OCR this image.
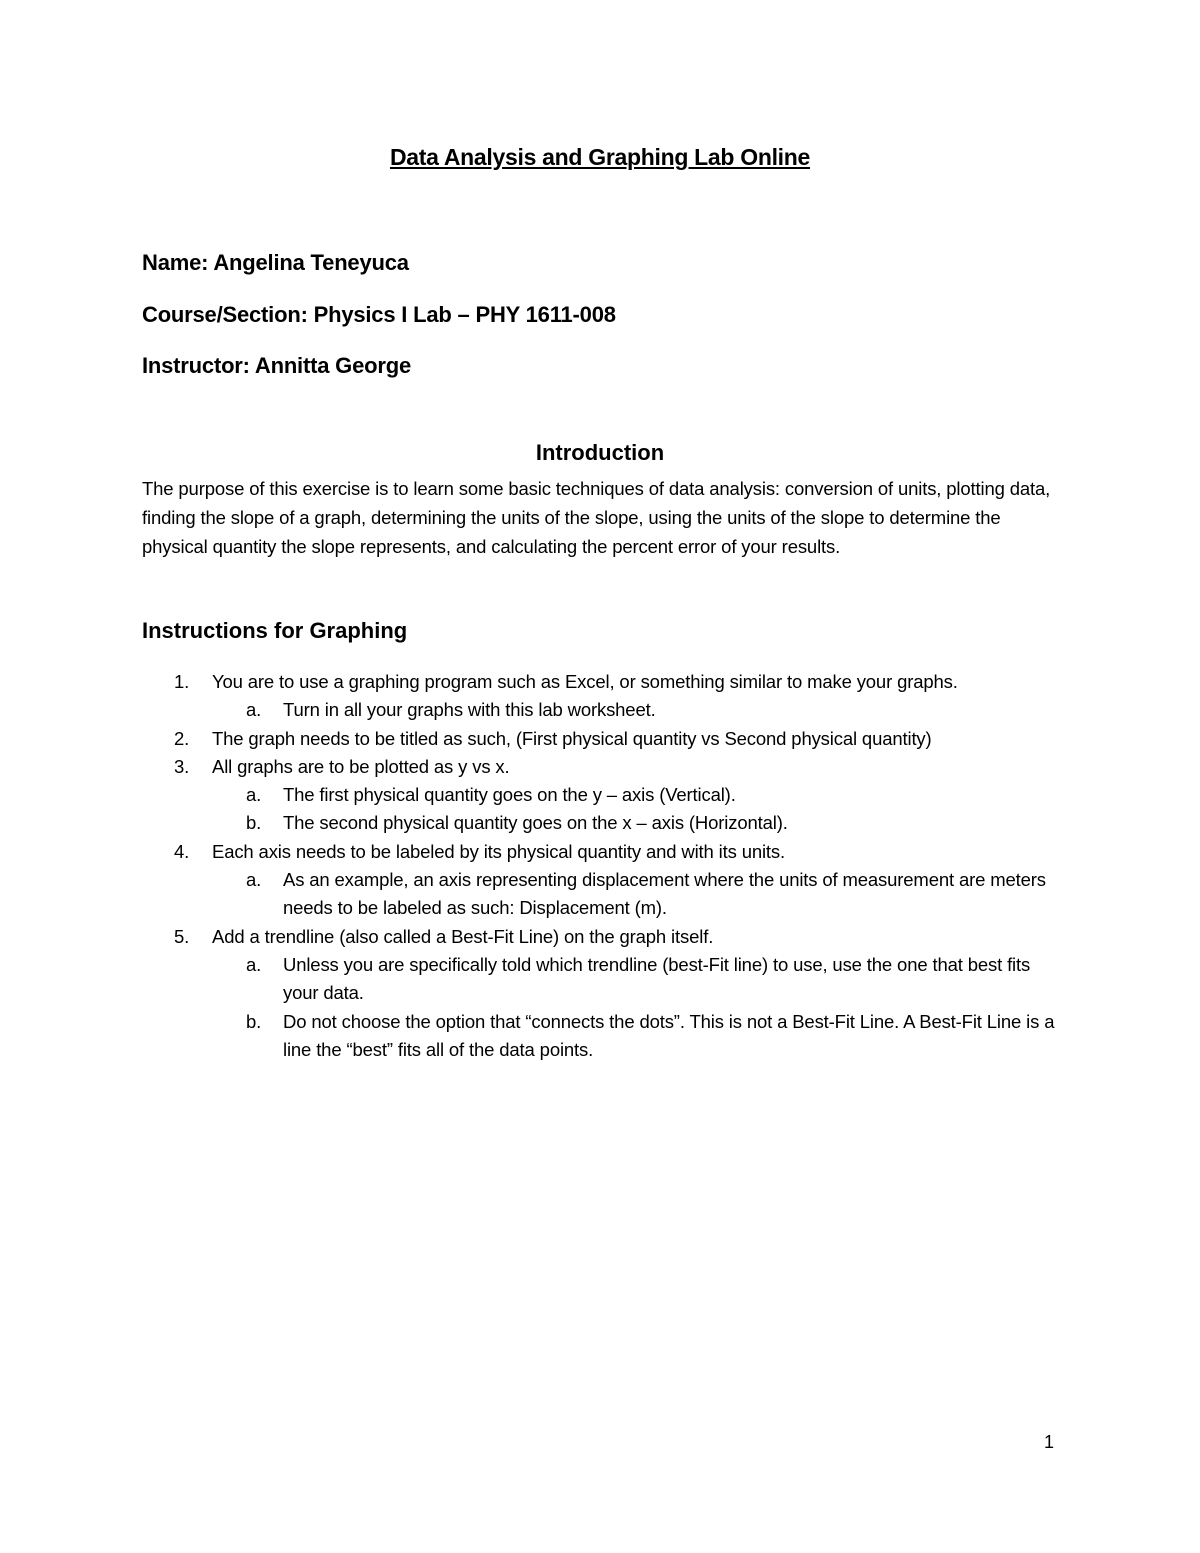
Data Analysis and Graphing Lab Online
Name: Angelina Teneyuca
Course/Section: Physics I Lab – PHY 1611-008
Instructor: Annitta George
Introduction
The purpose of this exercise is to learn some basic techniques of data analysis: conversion of units, plotting data, finding the slope of a graph, determining the units of the slope, using the units of the slope to determine the physical quantity the slope represents, and calculating the percent error of your results.
Instructions for Graphing
1.	You are to use a graphing program such as Excel, or something similar to make your graphs.
a.	Turn in all your graphs with this lab worksheet.
2.	The graph needs to be titled as such, (First physical quantity vs Second physical quantity)
3.	All graphs are to be plotted as y vs x.
a.	The first physical quantity goes on the y – axis (Vertical).
b.	The second physical quantity goes on the x – axis (Horizontal).
4.	Each axis needs to be labeled by its physical quantity and with its units.
a.	As an example, an axis representing displacement where the units of measurement are meters needs to be labeled as such: Displacement (m).
5.	Add a trendline (also called a Best-Fit Line) on the graph itself.
a.	Unless you are specifically told which trendline (best-Fit line) to use, use the one that best fits your data.
b.	Do not choose the option that “connects the dots”. This is not a Best-Fit Line. A Best-Fit Line is a line the “best” fits all of the data points.
1
